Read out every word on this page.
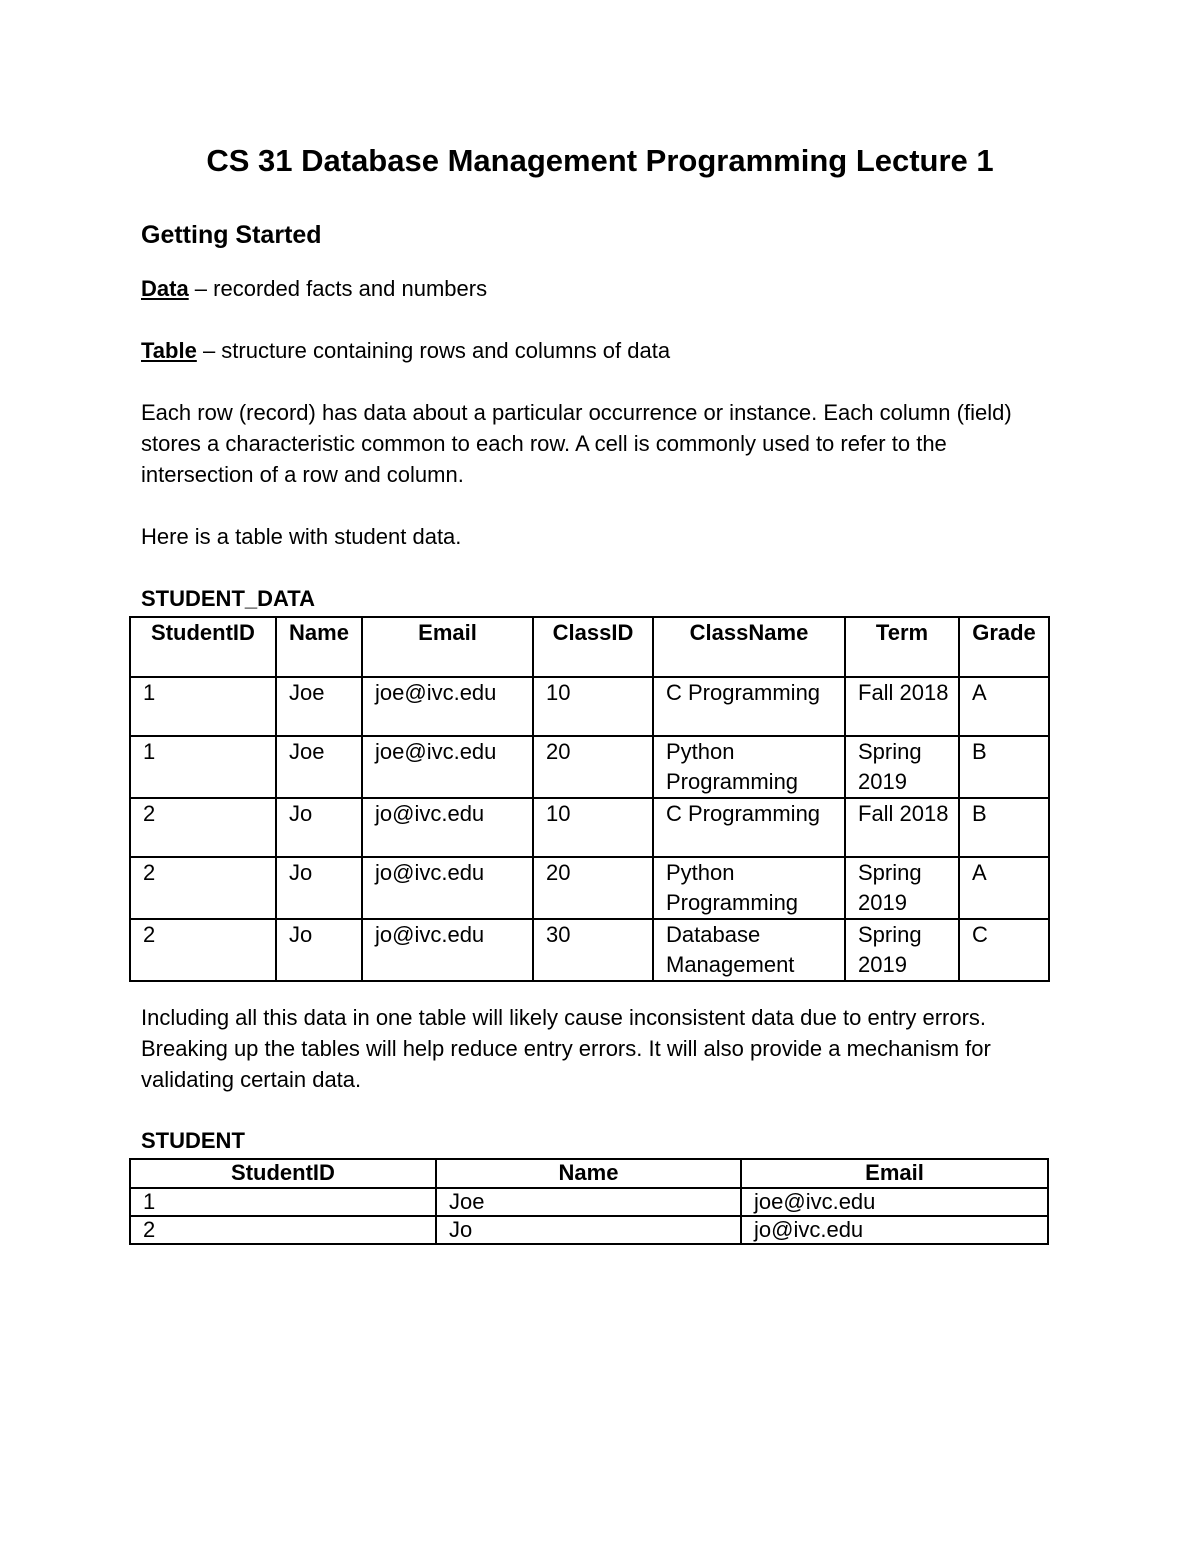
CS 31 Database Management Programming Lecture 1
Getting Started

Data – recorded facts and numbers

Table – structure containing rows and columns of data

Each row (record) has data about a particular occurrence or instance. Each column (field) stores a characteristic common to each row. A cell is commonly used to refer to the intersection of a row and column.

Here is a table with student data.

STUDENT_DATA

StudentID	Name	Email	ClassID	ClassName	Term	Grade
1	Joe	joe@ivc.edu	10	C Programming	Fall 2018	A
1	Joe	joe@ivc.edu	20	Python Programming	Spring 2019	B
2	Jo	jo@ivc.edu	10	C Programming	Fall 2018	B
2	Jo	jo@ivc.edu	20	Python Programming	Spring 2019	A
2	Jo	jo@ivc.edu	30	Database Management	Spring 2019	C

Including all this data in one table will likely cause inconsistent data due to entry errors. Breaking up the tables will help reduce entry errors. It will also provide a mechanism for validating certain data.

STUDENT

StudentID	Name	Email
1	Joe	joe@ivc.edu
2	Jo	jo@ivc.edu
